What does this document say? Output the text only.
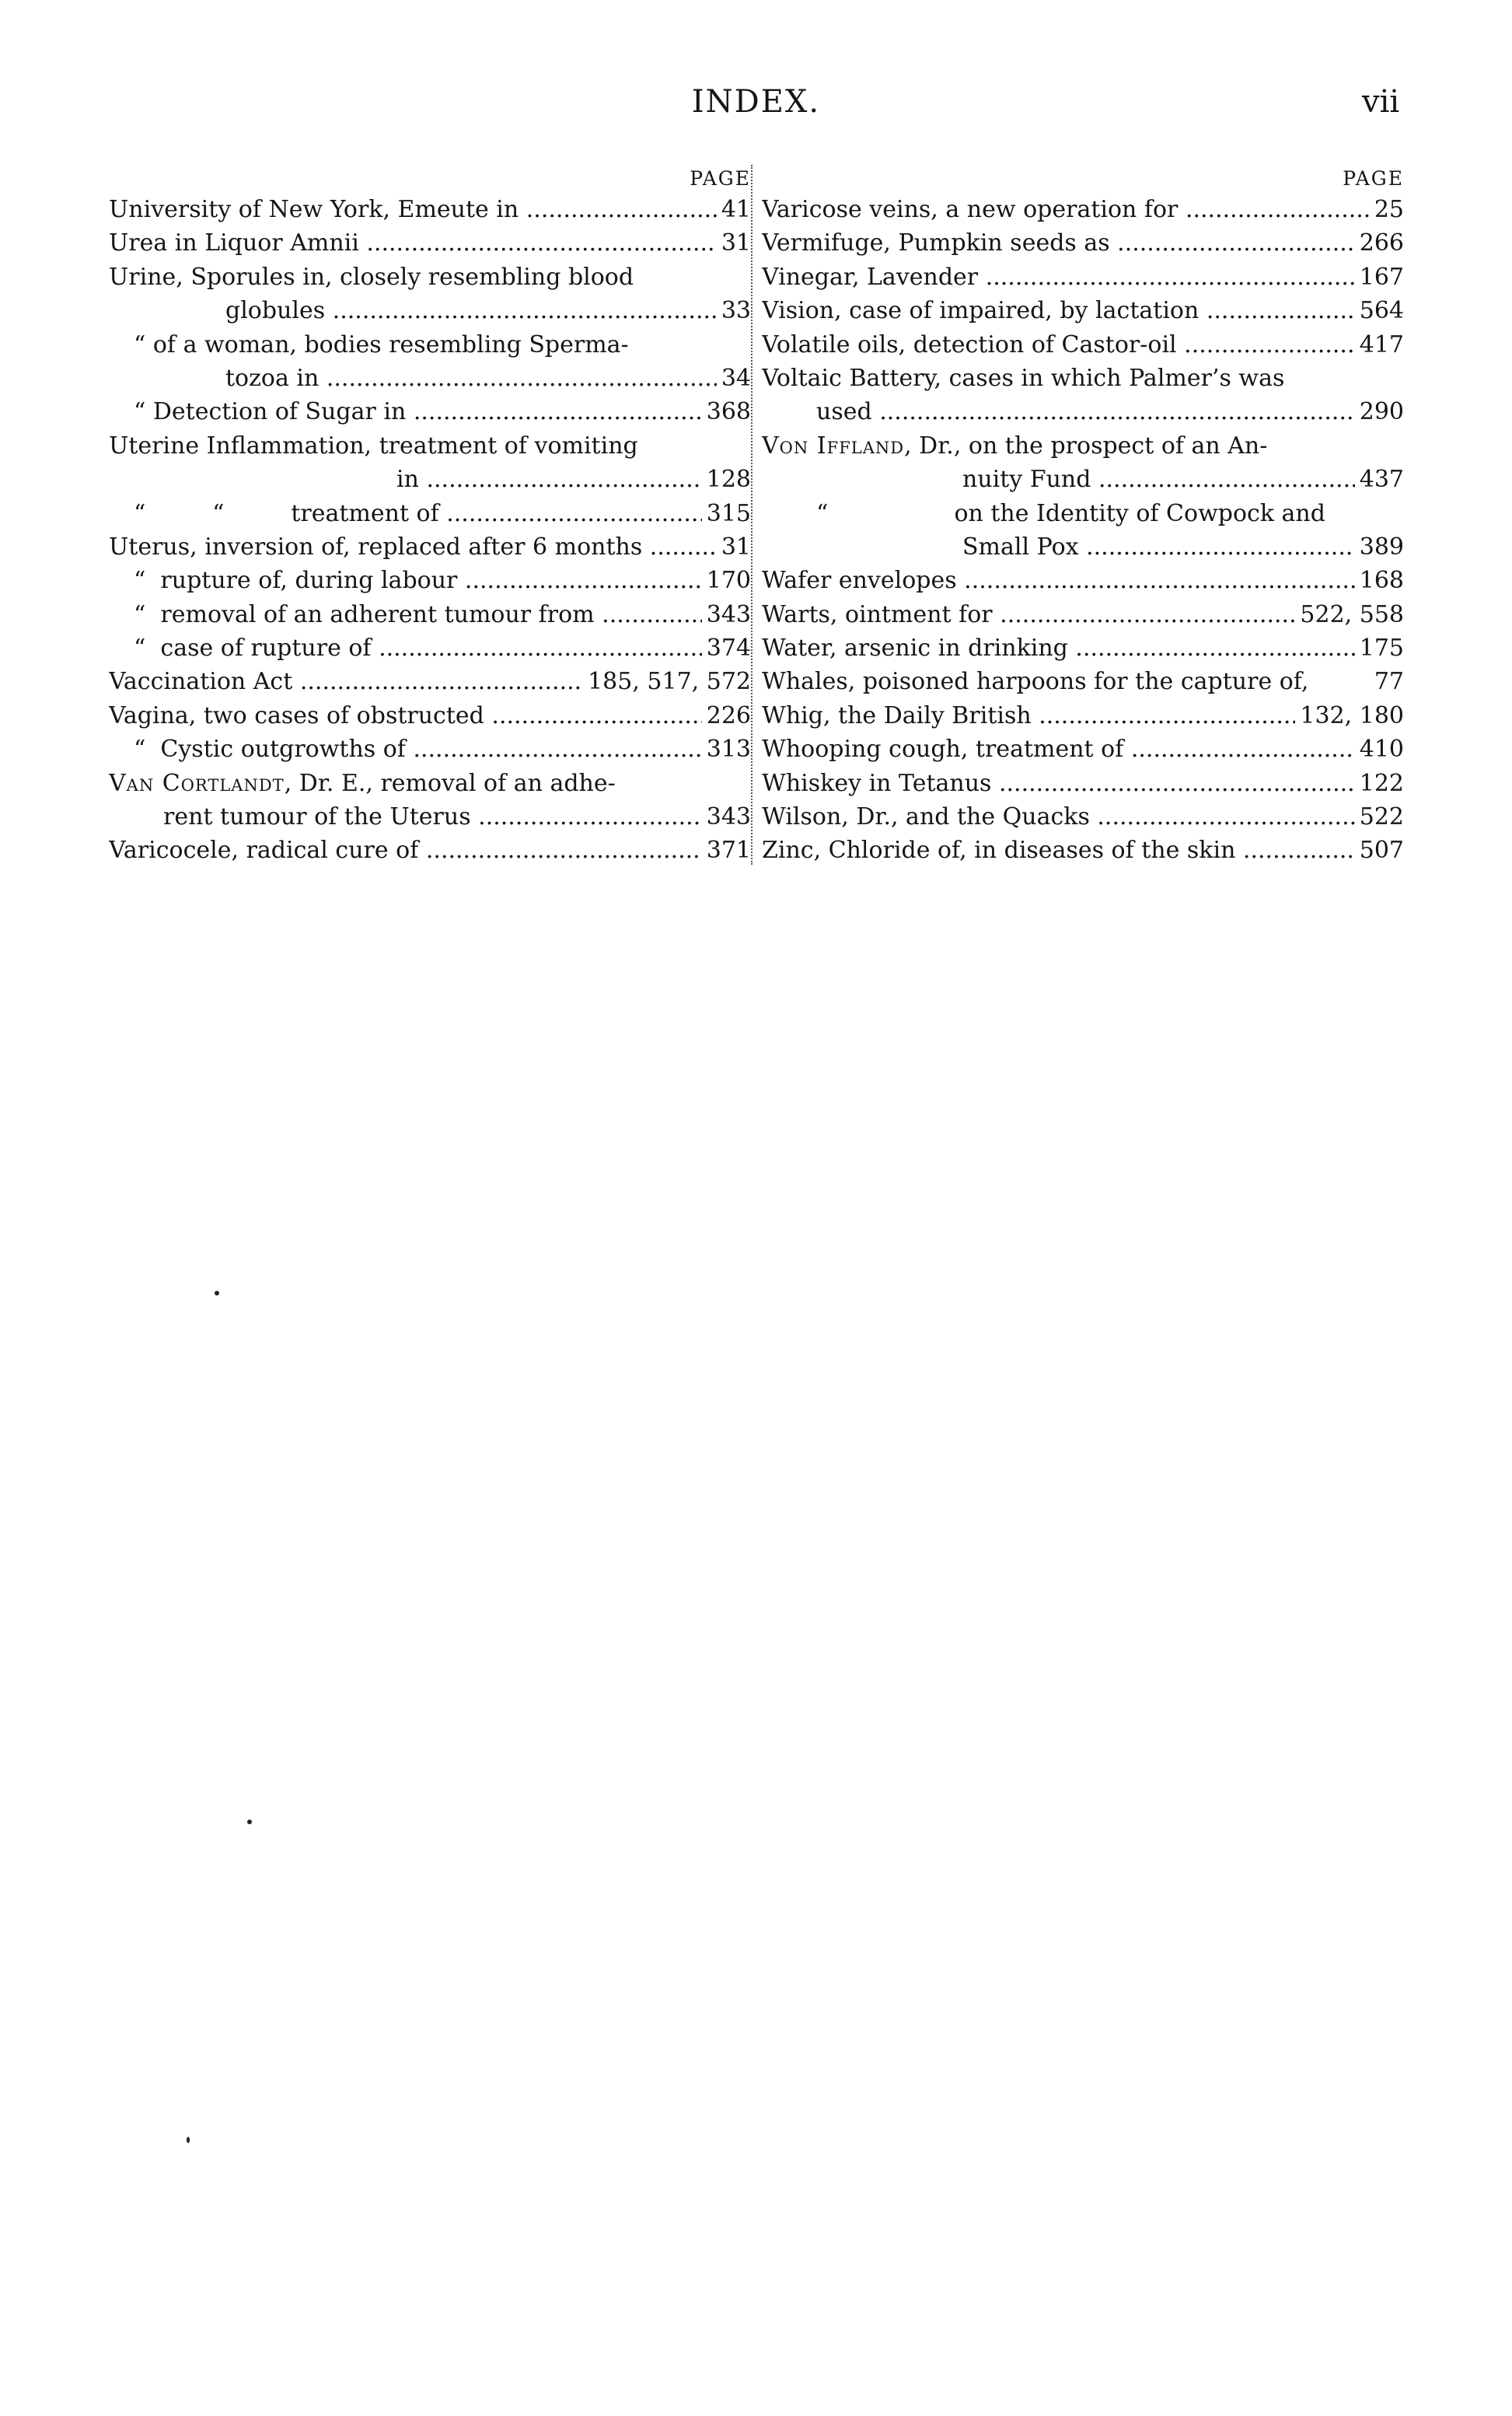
INDEX.	vii
PAGE
University of New York, Emeute in .....	41
Urea in Liquor Amnii .....	31
Urine, Sporules in, closely resembling blood
globules .....	33
“ of a woman, bodies resembling Sperma-
tozoa in .....	34
“ Detection of Sugar in .....	368
Uterine Inflammation, treatment of vomiting
in .....	128
“         “         treatment of .....	315
Uterus, inversion of, replaced after 6 months .....	31
“  rupture of, during labour .....	170
“  removal of an adherent tumour from .....	343
“  case of rupture of .....	374
Vaccination Act .....	185, 517, 572
Vagina, two cases of obstructed .....	226
“  Cystic outgrowths of .....	313
Van Cortlandt, Dr. E., removal of an adhe-
rent tumour of the Uterus .....	343
Varicocele, radical cure of .....	371
PAGE
Varicose veins, a new operation for .....	25
Vermifuge, Pumpkin seeds as .....	266
Vinegar, Lavender .....	167
Vision, case of impaired, by lactation .....	564
Volatile oils, detection of Castor-oil .....	417
Voltaic Battery, cases in which Palmer’s was
used .....	290
Von Iffland, Dr., on the prospect of an An-
nuity Fund .....	437
“                 on the Identity of Cowpock and
Small Pox .....	389
Wafer envelopes .....	168
Warts, ointment for .....	522, 558
Water, arsenic in drinking .....	175
Whales, poisoned harpoons for the capture of,	77
Whig, the Daily British .....	132, 180
Whooping cough, treatment of .....	410
Whiskey in Tetanus .....	122
Wilson, Dr., and the Quacks .....	522
Zinc, Chloride of, in diseases of the skin .....	507
